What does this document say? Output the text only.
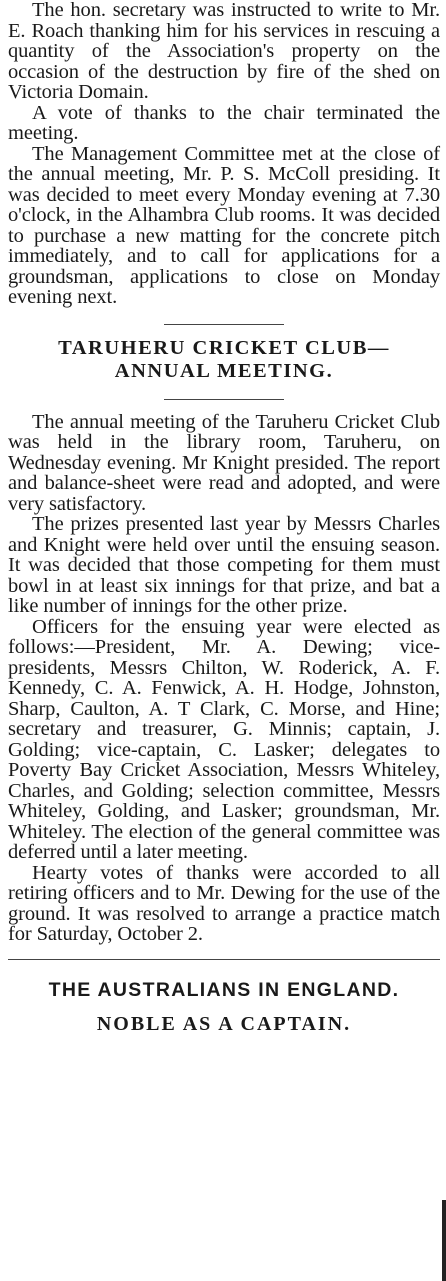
The hon. secretary was instructed to write to Mr. E. Roach thanking him for his services in rescuing a quantity of the Association's property on the occasion of the destruction by fire of the shed on Victoria Domain.

A vote of thanks to the chair terminated the meeting.

The Management Committee met at the close of the annual meeting, Mr. P. S. McColl presiding. It was decided to meet every Monday evening at 7.30 o'clock, in the Alhambra Club rooms. It was decided to purchase a new matting for the concrete pitch immediately, and to call for applications for a groundsman, applications to close on Monday evening next.

TARUHERU CRICKET CLUB—
ANNUAL MEETING.

The annual meeting of the Taruheru Cricket Club was held in the library room, Taruheru, on Wednesday evening. Mr Knight presided. The report and balance-sheet were read and adopted, and were very satisfactory.

The prizes presented last year by Messrs Charles and Knight were held over until the ensuing season. It was decided that those competing for them must bowl in at least six innings for that prize, and bat a like number of innings for the other prize.

Officers for the ensuing year were elected as follows:—President, Mr. A. Dewing; vice-presidents, Messrs Chilton, W. Roderick, A. F. Kennedy, C. A. Fenwick, A. H. Hodge, Johnston, Sharp, Caulton, A. T Clark, C. Morse, and Hine; secretary and treasurer, G. Minnis; captain, J. Golding; vice-captain, C. Lasker; delegates to Poverty Bay Cricket Association, Messrs Whiteley, Charles, and Golding; selection committee, Messrs Whiteley, Golding, and Lasker; groundsman, Mr. Whiteley. The election of the general committee was deferred until a later meeting.

Hearty votes of thanks were accorded to all retiring officers and to Mr. Dewing for the use of the ground. It was resolved to arrange a practice match for Saturday, October 2.

THE AUSTRALIANS IN ENGLAND.
NOBLE AS A CAPTAIN.
